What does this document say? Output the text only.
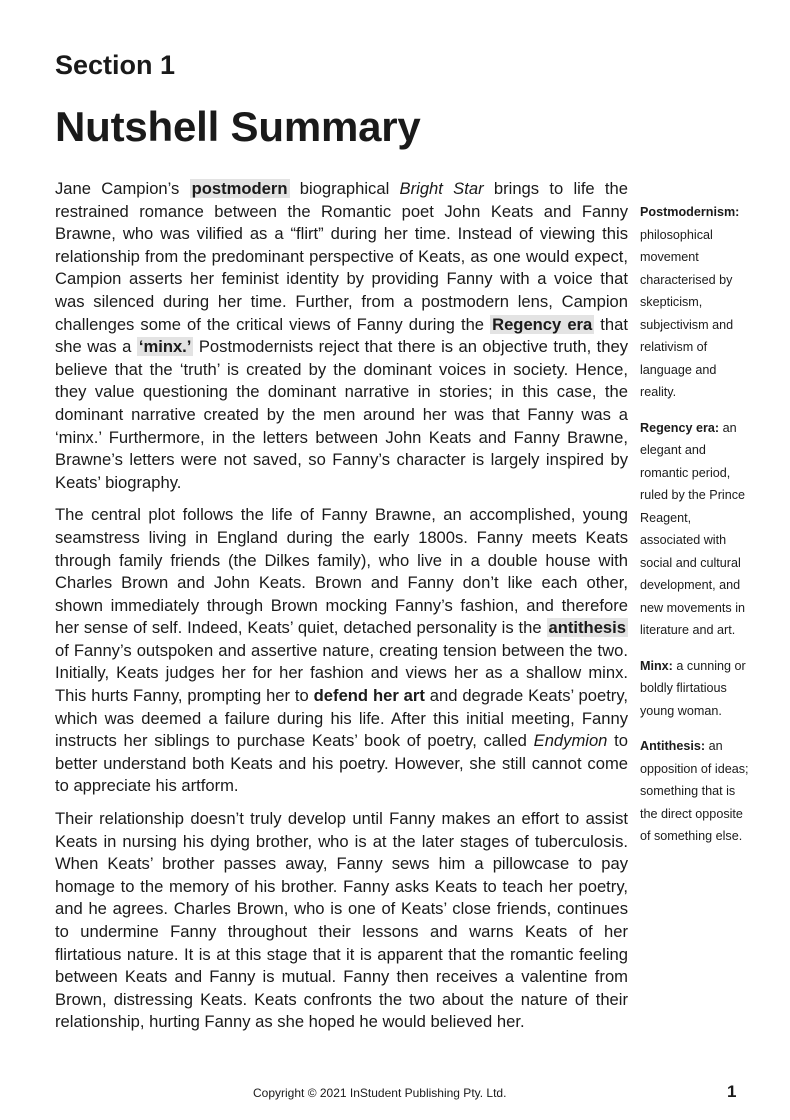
Section 1
Nutshell Summary

Jane Campion’s postmodern biographical Bright Star brings to life the restrained romance between the Romantic poet John Keats and Fanny Brawne, who was vilified as a “flirt” during her time. Instead of viewing this relationship from the predominant perspective of Keats, as one would expect, Campion asserts her feminist identity by providing Fanny with a voice that was silenced during her time. Further, from a postmodern lens, Campion challenges some of the critical views of Fanny during the Regency era that she was a ‘minx.’ Postmodernists reject that there is an objective truth, they believe that the ‘truth’ is created by the dominant voices in society. Hence, they value questioning the dominant narrative in stories; in this case, the dominant narrative created by the men around her was that Fanny was a ‘minx.’ Furthermore, in the letters between John Keats and Fanny Brawne, Brawne’s letters were not saved, so Fanny’s character is largely inspired by Keats’ biography.

The central plot follows the life of Fanny Brawne, an accomplished, young seamstress living in England during the early 1800s. Fanny meets Keats through family friends (the Dilkes family), who live in a double house with Charles Brown and John Keats. Brown and Fanny don’t like each other, shown immediately through Brown mocking Fanny’s fashion, and therefore her sense of self. Indeed, Keats’ quiet, detached personality is the antithesis of Fanny’s outspoken and assertive nature, creating tension between the two. Initially, Keats judges her for her fashion and views her as a shallow minx. This hurts Fanny, prompting her to defend her art and degrade Keats’ poetry, which was deemed a failure during his life. After this initial meeting, Fanny instructs her siblings to purchase Keats’ book of poetry, called Endymion to better understand both Keats and his poetry. However, she still cannot come to appreciate his artform.

Their relationship doesn’t truly develop until Fanny makes an effort to assist Keats in nursing his dying brother, who is at the later stages of tuberculosis. When Keats’ brother passes away, Fanny sews him a pillowcase to pay homage to the memory of his brother. Fanny asks Keats to teach her poetry, and he agrees. Charles Brown, who is one of Keats’ close friends, continues to undermine Fanny throughout their lessons and warns Keats of her flirtatious nature. It is at this stage that it is apparent that the romantic feeling between Keats and Fanny is mutual. Fanny then receives a valentine from Brown, distressing Keats. Keats confronts the two about the nature of their relationship, hurting Fanny as she hoped he would believed her.

Postmodernism: philosophical movement characterised by skepticism, subjectivism and relativism of language and reality.

Regency era: an elegant and romantic period, ruled by the Prince Reagent, associated with social and cultural development, and new movements in literature and art.

Minx: a cunning or boldly flirtatious young woman.

Antithesis: an opposition of ideas; something that is the direct opposite of something else.

Copyright © 2021 InStudent Publishing Pty. Ltd.	1
